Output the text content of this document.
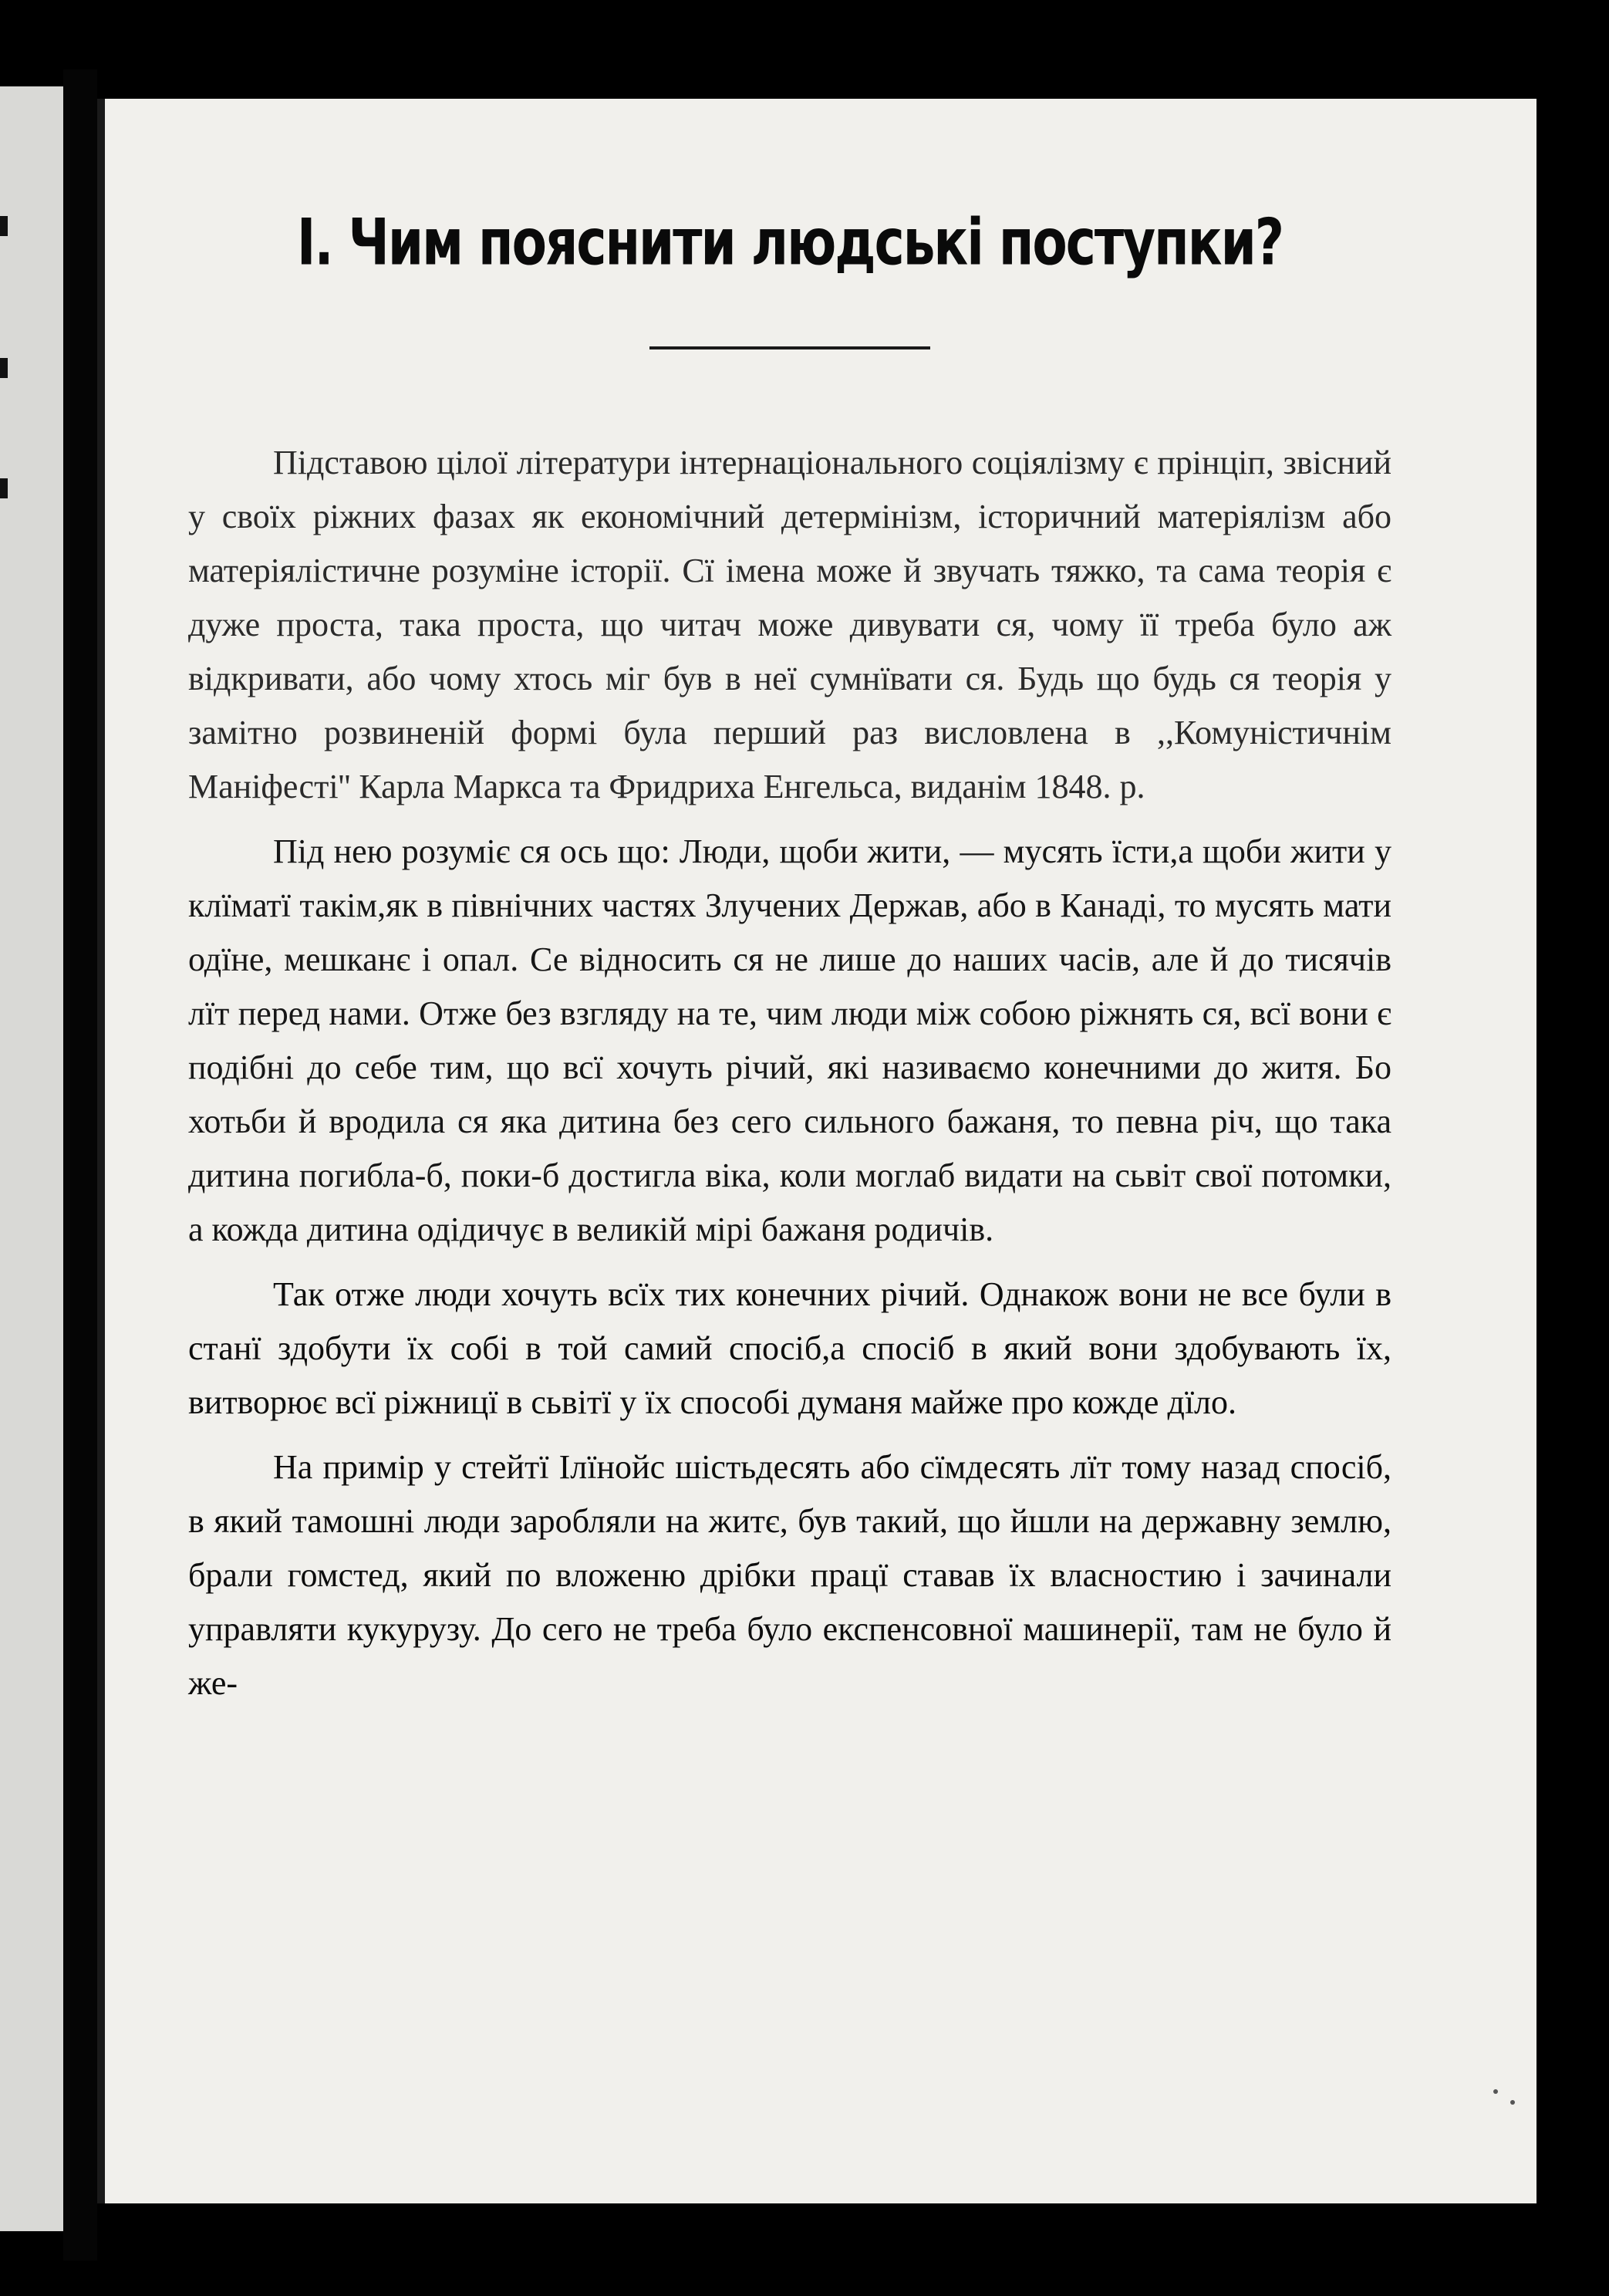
I. Чим пояснити людські поступки?

Підставою цілої літератури інтернаціонального соціялізму є прінціп, звісний у своїх ріжних фазах як економічний детермінізм, історичний матеріялізм або матеріялістичне розуміне історії. Сї імена може й звучать тяжко, та сама теорія є дуже проста, така проста, що читач може дивувати ся, чому її треба було аж відкривати, або чому хтось міг був в неї сумнївати ся. Будь що будь ся теорія у замітно розвиненій формі була перший раз висловлена в ,,Комуністичнім Маніфесті'' Карла Маркса та Фридриха Енгельса, виданім 1848. р.

Під нею розуміє ся ось що: Люди, щоби жити, — мусять їсти,а щоби жити у клїматї такім,як в північних частях Злучених Держав, або в Канаді, то мусять мати одїне, мешканє і опал. Се відносить ся не лише до наших часів, але й до тисячів лїт перед нами. Отже без взгляду на те, чим люди між собою ріжнять ся, всї вони є подібні до себе тим, що всї хочуть річий, які називаємо конечними до житя. Бо хотьби й вродила ся яка дитина без сего сильного бажаня, то певна річ, що така дитина погибла-б, поки-б достигла віка, коли моглаб видати на сьвіт свої потомки, а кожда дитина одідичує в великій мірі бажаня родичів.

Так отже люди хочуть всїх тих конечних річий. Однакож вони не все були в станї здобути їх собі в той самий спосіб,а спосіб в який вони здобувають їх, витворює всї ріжницї в сьвітї у їх способі думаня майже про кожде дїло.

На примір у стейтї Ілїнойс шістьдесять або сїмдесять лїт тому назад спосіб, в який тамошні люди заробляли на житє, був такий, що йшли на державну землю, брали гомстед, який по вложеню дрібки працї ставав їх власностию і зачинали управляти кукурузу. До сего не треба було експенсовної машинерії, там не було й же-
